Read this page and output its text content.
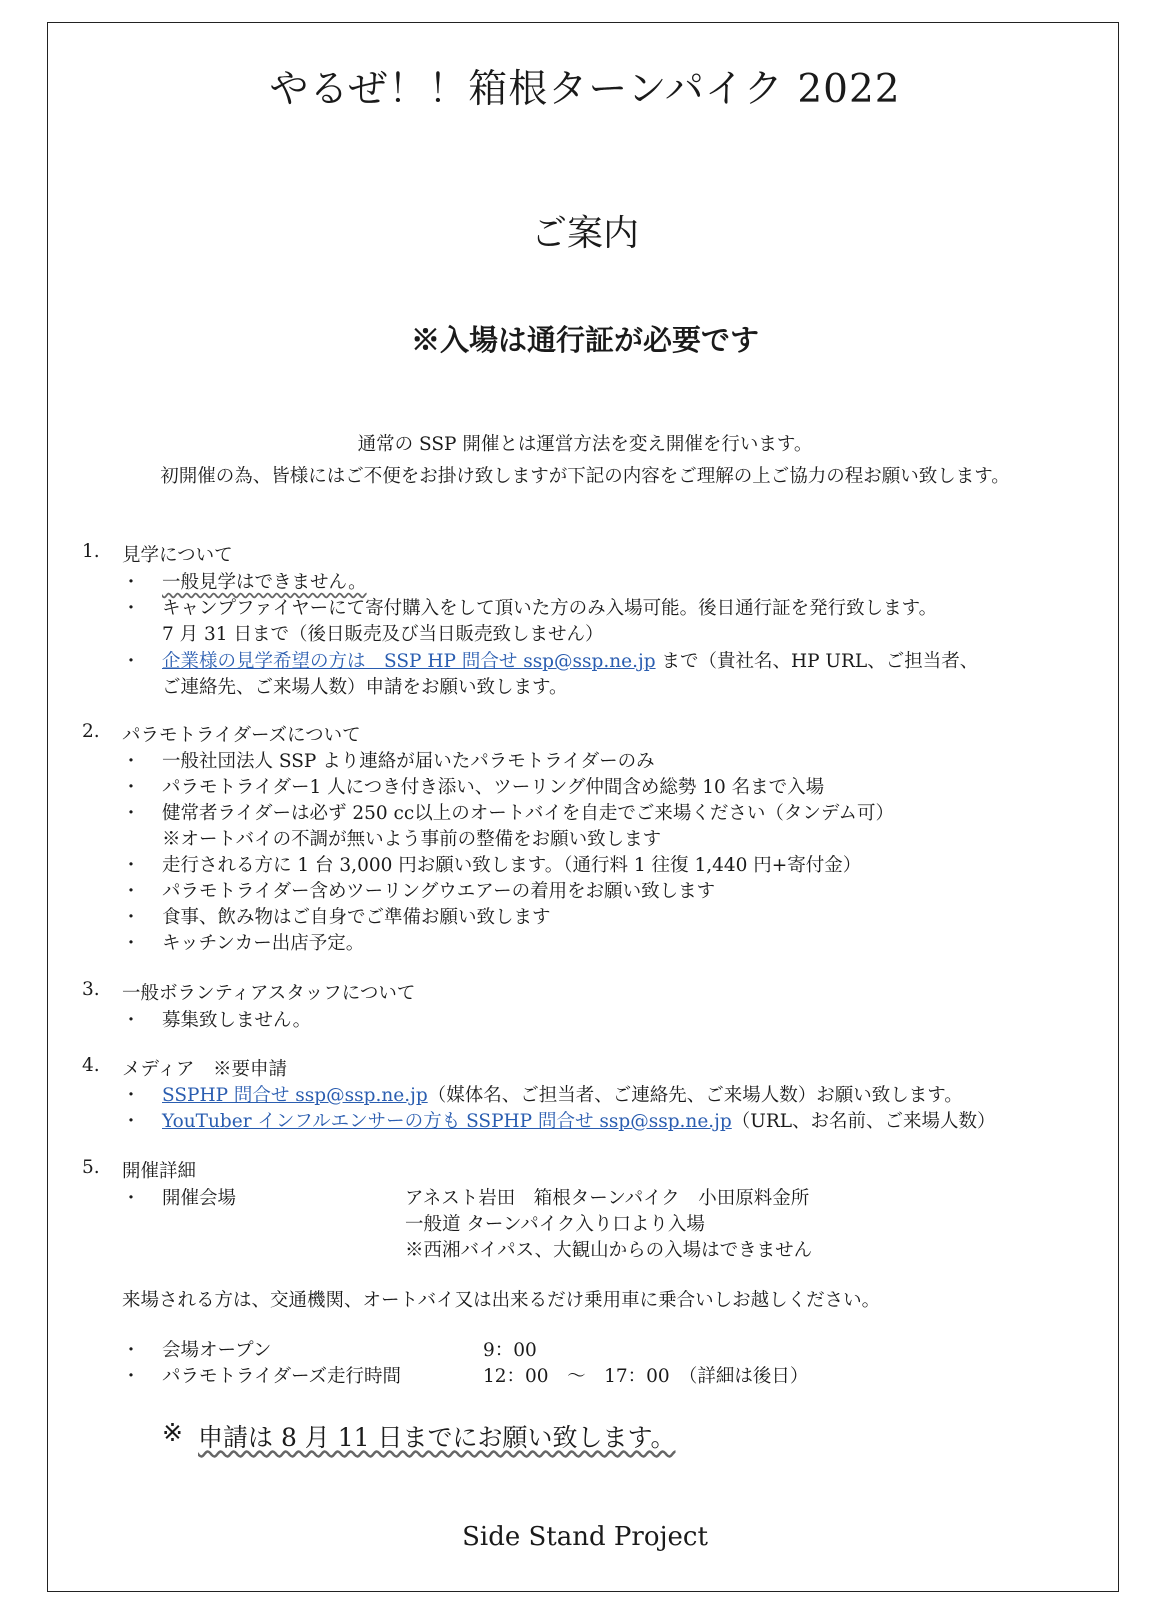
やるぜ！！箱根ターンパイク 2022
ご案内
※入場は通行証が必要です
通常の SSP 開催とは運営方法を変え開催を行います。
初開催の為、皆様にはご不便をお掛け致しますが下記の内容をご理解の上ご協力の程お願い致します。
1. 見学について
・ 一般見学はできません。
・ キャンプファイヤーにて寄付購入をして頂いた方のみ入場可能。後日通行証を発行致します。
7 月 31 日まで（後日販売及び当日販売致しません）
・ 企業様の見学希望の方は　SSP HP 問合せ ssp@ssp.ne.jp まで（貴社名、HP URL、ご担当者、
ご連絡先、ご来場人数）申請をお願い致します。
2. パラモトライダーズについて
・ 一般社団法人 SSP より連絡が届いたパラモトライダーのみ
・ パラモトライダー1 人につき付き添い、ツーリング仲間含め総勢 10 名まで入場
・ 健常者ライダーは必ず 250 cc以上のオートバイを自走でご来場ください（タンデム可）
※オートバイの不調が無いよう事前の整備をお願い致します
・ 走行される方に 1 台 3,000 円お願い致します。（通行料 1 往復 1,440 円+寄付金）
・ パラモトライダー含めツーリングウエアーの着用をお願い致します
・ 食事、飲み物はご自身でご準備お願い致します
・ キッチンカー出店予定。
3. 一般ボランティアスタッフについて
・ 募集致しません。
4. メディア　※要申請
・ SSPHP 問合せ ssp@ssp.ne.jp（媒体名、ご担当者、ご連絡先、ご来場人数）お願い致します。
・ YouTuber インフルエンサーの方も SSPHP 問合せ ssp@ssp.ne.jp（URL、お名前、ご来場人数）
5. 開催詳細
・ 開催会場	アネスト岩田　箱根ターンパイク　小田原料金所
一般道 ターンパイク入り口より入場
※西湘バイパス、大観山からの入場はできません
来場される方は、交通機関、オートバイ又は出来るだけ乗用車に乗合いしお越しください。
・ 会場オープン	9：00
・ パラモトライダーズ走行時間	12：00　～　17：00　（詳細は後日）
※ 申請は 8 月 11 日までにお願い致します。
Side Stand Project
